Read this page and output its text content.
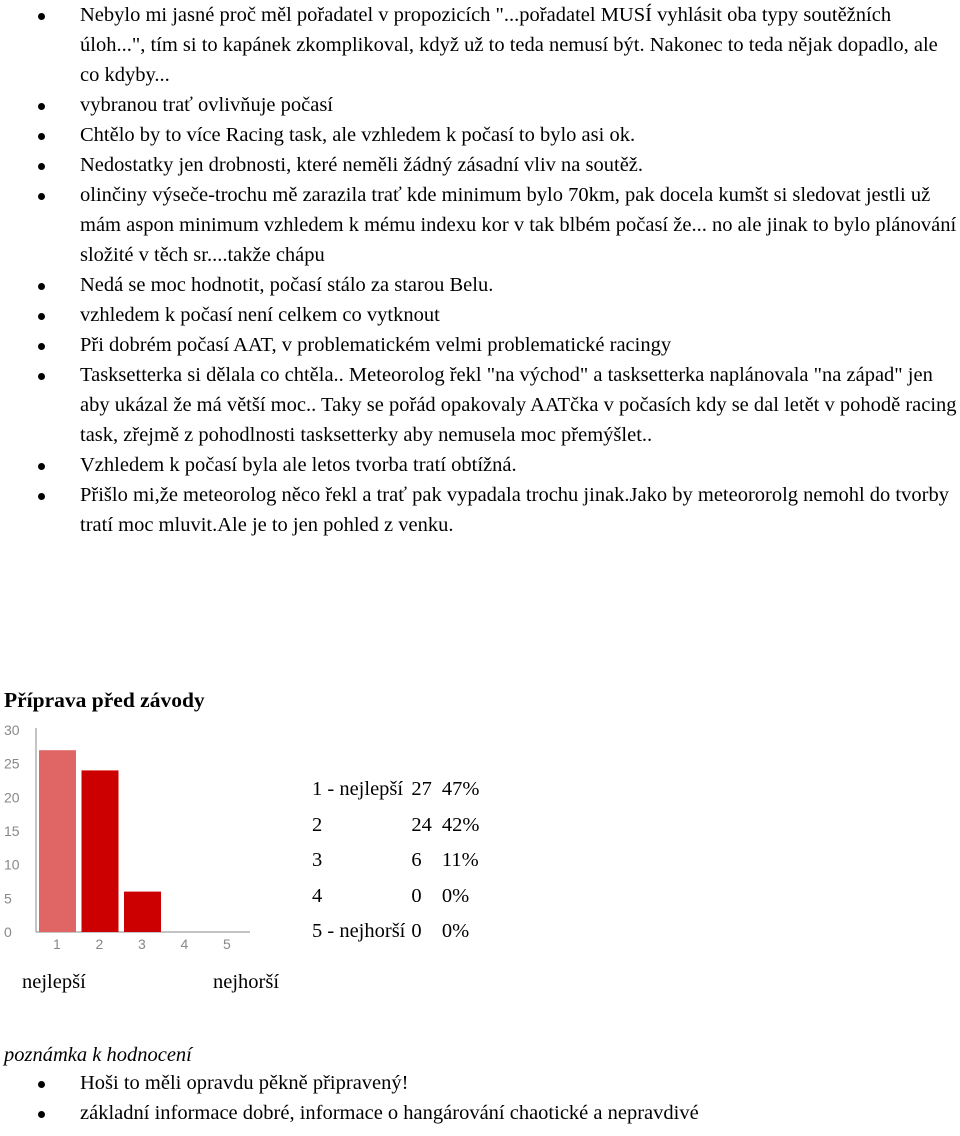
Nebylo mi jasné proč měl pořadatel v propozicích "...pořadatel MUSÍ vyhlásit oba typy soutěžních úloh...", tím si to kapánek zkomplikoval, když už to teda nemusí být. Nakonec to teda nějak dopadlo, ale co kdyby...
vybranou trať ovlivňuje počasí
Chtělo by to více Racing task, ale vzhledem k počasí to bylo asi ok.
Nedostatky jen drobnosti, které neměli žádný zásadní vliv na soutěž.
olinčiny výseče-trochu mě zarazila trať kde minimum bylo 70km, pak docela kumšt si sledovat jestli už mám aspon minimum vzhledem k mému indexu kor v tak blbém počasí že... no ale jinak to bylo plánování složité v těch sr....takže chápu
Nedá se moc hodnotit, počasí stálo za starou Belu.
vzhledem k počasí není celkem co vytknout
Při dobrém počasí AAT, v problematickém velmi problematické racingy
Tasksetterka si dělala co chtěla.. Meteorolog řekl "na východ" a tasksetterka naplánovala "na západ" jen aby ukázal že má větší moc.. Taky se pořád opakovaly AATčka v počasích kdy se dal letět v pohodě racing task, zřejmě z pohodlnosti tasksetterky aby nemusela moc přemýšlet..
Vzhledem k počasí byla ale letos tvorba tratí obtížná.
Přišlo mi,že meteorolog něco řekl a trať pak vypadala trochu jinak.Jako by meteororolg nemohl do tvorby tratí moc mluvit.Ale je to jen pohled z venku.
Příprava před závody
0
5
10
15
20
25
30
1 2 3 4 5
nejlepší	nejhorší
1 - nejlepší	27	47%
2	24	42%
3	6	11%
4	0	0%
5 - nejhorší	0	0%
poznámka k hodnocení
Hoši to měli opravdu pěkně připravený!
základní informace dobré, informace o hangárování chaotické a nepravdivé
